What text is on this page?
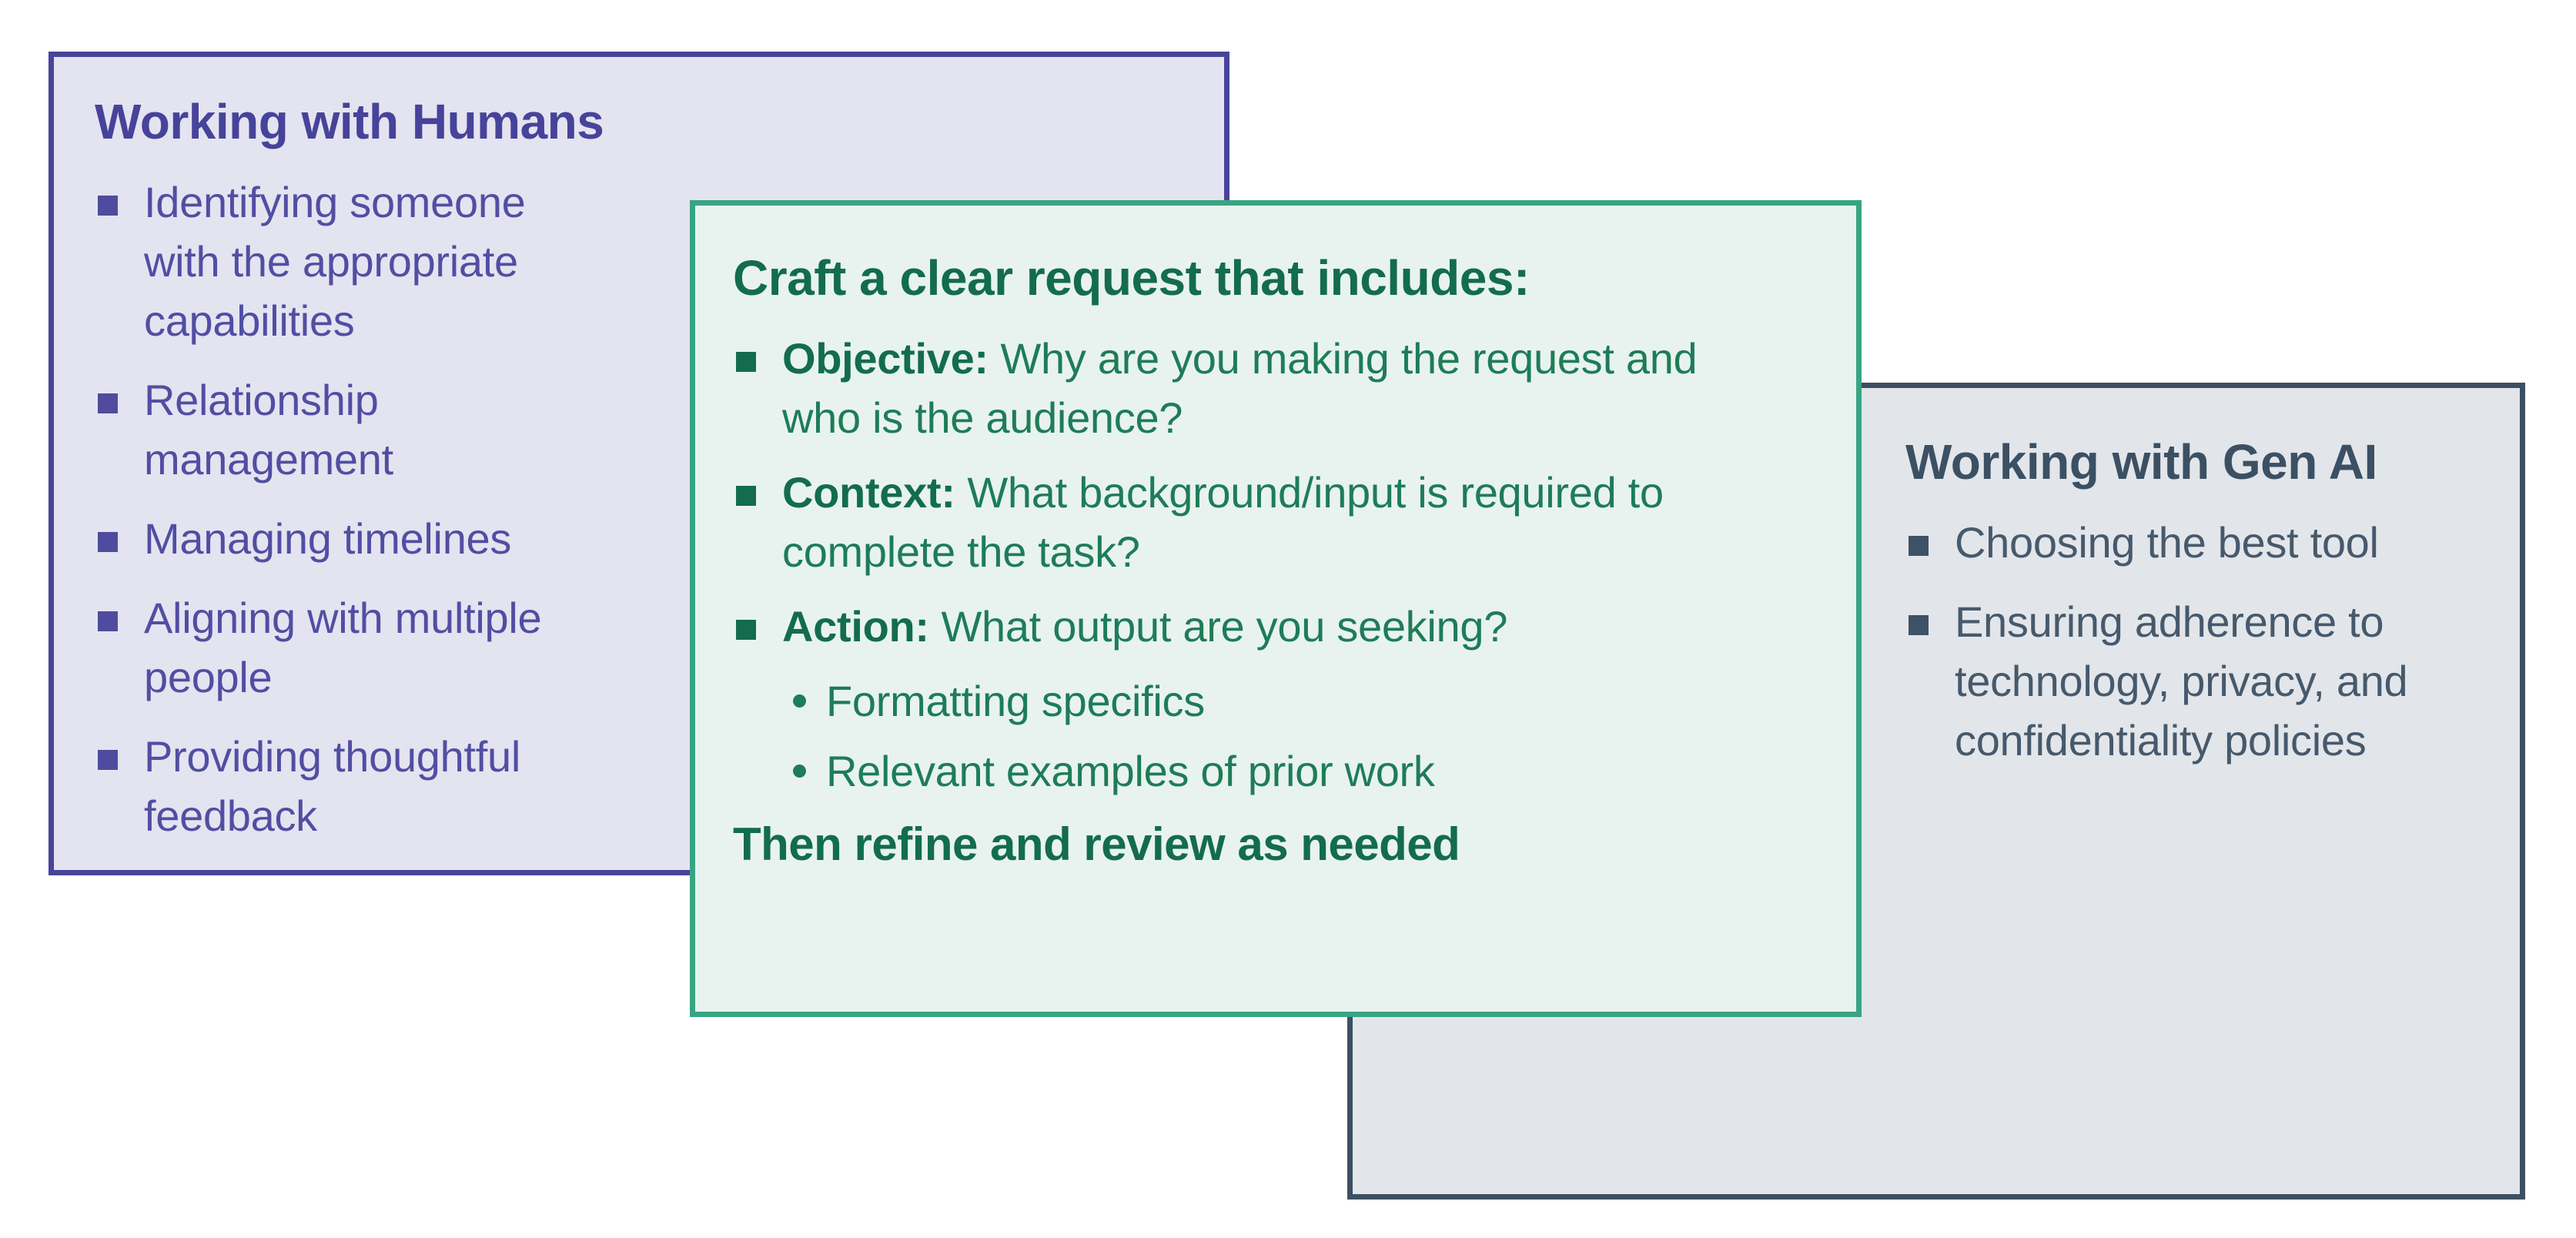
Working with Humans
Identifying someone
with the appropriate
capabilities
Relationship
management
Managing timelines
Aligning with multiple
people
Providing thoughtful
feedback
Working with Gen AI
Choosing the best tool
Ensuring adherence to
technology, privacy, and
confidentiality policies
Craft a clear request that includes:
Objective: Why are you making the request and
who is the audience?
Context: What background/input is required to
complete the task?
Action: What output are you seeking?
Formatting specifics
Relevant examples of prior work
Then refine and review as needed
